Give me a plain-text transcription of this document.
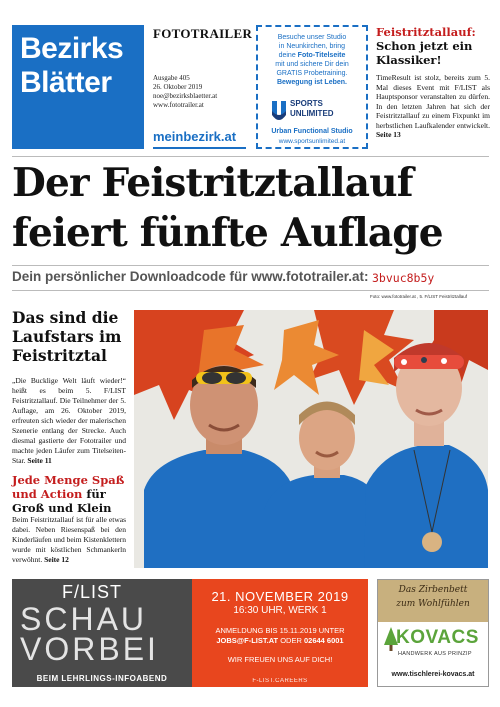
Bezirks
Blätter
FOTOTRAILER
Ausgabe 405
26. Oktober 2019
noe@bezirksblaetter.at
www.fototrailer.at
meinbezirk.at
Besuche unser Studio
in Neunkirchen, bring
deine Foto-Titelseite
mit und sichere Dir dein
GRATIS Probetraining.
Bewegung ist Leben.
SPORTS
UNLIMITED
Urban Functional Studio
www.sportsunlimited.at
Feistritztallauf:
Schon jetzt ein Klassiker!
TimeResult ist stolz, bereits zum 5. Mal dieses Event mit F/LIST als Hauptsponsor veranstalten zu dürfen. In den letzten Jahren hat sich der Feistritztallauf zu einem Fixpunkt im herbstlichen Laufkalender entwickelt. Seite 13
Der Feistritztallauf
feiert fünfte Auflage
Dein persönlicher Downloadcode für www.fototrailer.at: 3bvuc8b5y
Foto: www.fototrailer.at , 5. F/LIST Feistritztallauf
Das sind die Laufstars im Feistritztal
„Die Bucklige Welt läuft wieder!“ heißt es beim 5. F/LIST Feistritztallauf. Die Teilnehmer der 5. Auflage, am 26. Oktober 2019, erfreuten sich wieder der malerischen Szenerie entlang der Strecke. Auch diesmal gastierte der Fototrailer und machte jeden Läufer zum Titelseiten-Star. Seite 11
Jede Menge Spaß und Action für Groß und Klein
Beim Feistritztallauf ist für alle etwas dabei. Neben Riesenspaß bei den Kinderläufen und beim Kistenklettern wurde mit köstlichen Schmankerln verwöhnt. Seite 12
F/LIST
SCHAU
VORBEI
BEIM LEHRLINGS-INFOABEND
21. NOVEMBER 2019
16:30 UHR, WERK 1
ANMELDUNG BIS 15.11.2019 UNTER
JOBS@F-LIST.AT ODER 02644 6001
WIR FREUEN UNS AUF DICH!
F-LIST.CAREERS
Das Zirbenbett
zum Wohlfühlen
KOVACS
HANDWERK AUS PRINZIP
www.tischlerei-kovacs.at
